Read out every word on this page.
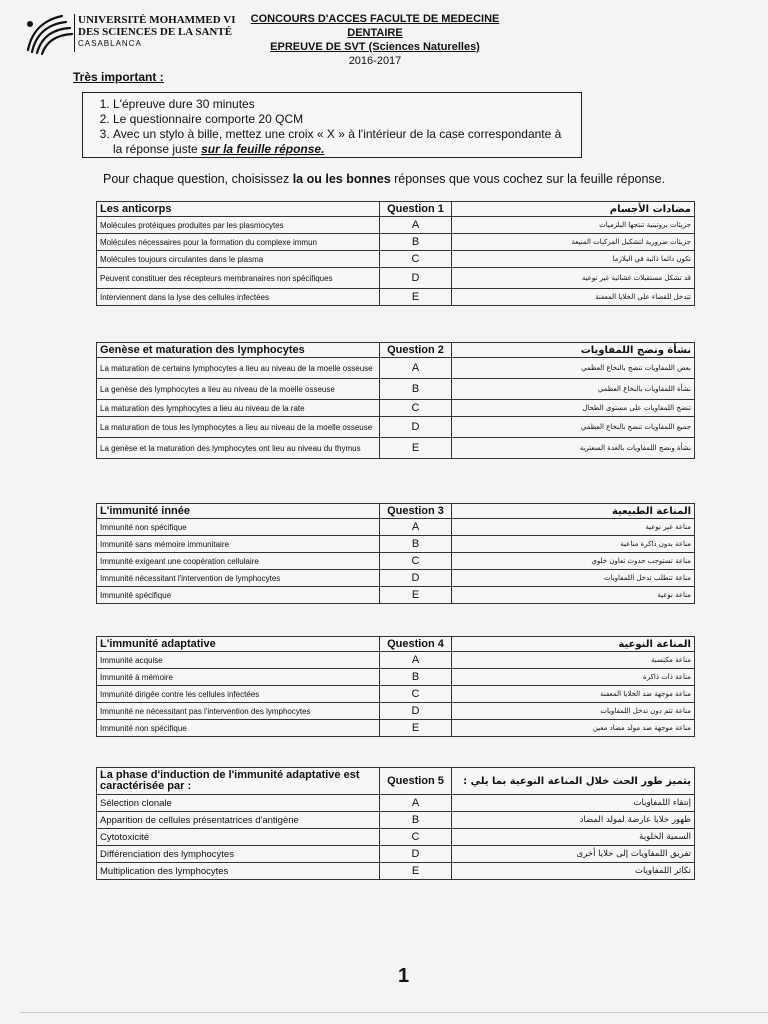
UNIVERSITÉ MOHAMMED VI
DES SCIENCES DE LA SANTÉ
CASABLANCA
CONCOURS D'ACCES FACULTE DE MEDECINE DENTAIRE
EPREUVE DE SVT (Sciences Naturelles)
2016-2017
Très important :
1. L'épreuve dure 30 minutes
2. Le questionnaire comporte 20 QCM
3. Avec un stylo à bille, mettez une croix « X » à l'intérieur de la case correspondante à la réponse juste sur la feuille réponse.
Pour chaque question, choisissez la ou les bonnes réponses que vous cochez sur la feuille réponse.
Les anticorps	Question 1	مضادات الأجسام
Molécules protéiques produites par les plasmocytes	A	جزيئات بروتينية تنتجها البلزميات
Molécules nécessaires pour la formation du complexe immun	B	جزيئات ضرورية لتشكيل المركبات المنيعة
Molécules toujours circulantes dans le plasma	C	تكون دائما ذائبة في البلازما
Peuvent constituer des récepteurs membranaires non spécifiques	D	قد تشكل مستقبلات غشائية غير نوعية
Interviennent dans la lyse des cellules infectées	E	تتدخل للقضاء على الخلايا المعفنة
Genèse et maturation des lymphocytes	Question 2	نشأة ونضج اللمفاويات
La maturation de certains lymphocytes a lieu au niveau de la moelle osseuse	A	بعض اللمفاويات تنضج بالنخاع العظمي
La genèse des lymphocytes a lieu au niveau de la moelle osseuse	B	نشأة اللمفاويات بالنخاع العظمي
La maturation des lymphocytes a lieu au niveau de la rate	C	تنضج اللمفاويات على مستوى الطحال
La maturation de tous les lymphocytes a lieu au niveau de la moelle osseuse	D	جميع اللمفاويات تنضج بالنخاع العظمي
La genèse et la maturation des lymphocytes ont lieu au niveau du thymus	E	نشأة ونضج اللمفاويات بالغدة السعترية
L'immunité innée	Question 3	المناعة الطبيعية
Immunité non spécifique	A	مناعة غير نوعية
Immunité sans mémoire immunitaire	B	مناعة بدون ذاكرة مناعية
Immunité exigeant une coopération cellulaire	C	مناعة تستوجب حدوث تعاون خلوي
Immunité nécessitant l'intervention de lymphocytes	D	مناعة تتطلب تدخل اللمفاويات
Immunité spécifique	E	مناعة نوعية
L'immunité adaptative	Question 4	المناعة النوعية
Immunité acquise	A	مناعة مكتسبة
Immunité à mémoire	B	مناعة ذات ذاكرة
Immunité dirigée contre les cellules infectées	C	مناعة موجهة ضد الخلايا المعفنة
Immunité ne nécessitant pas l'intervention des lymphocytes	D	مناعة تتم دون تدخل اللمفاويات
Immunité non spécifique	E	مناعة موجهة ضد مولد مضاد معين
La phase d'induction de l'immunité adaptative est caractérisée par :	Question 5	يتميز طور الحث خلال المناعة النوعية بما يلي :
Sélection clonale	A	إنتقاء اللمفاويات
Apparition de cellules présentatrices d'antigène	B	ظهور خلايا عارضة لمولد المضاد
Cytotoxicité	C	السمية الخلوية
Différenciation des lymphocytes	D	تفريق اللمفاويات إلى خلايا أخرى
Multiplication des lymphocytes	E	تكاثر اللمفاويات
1
